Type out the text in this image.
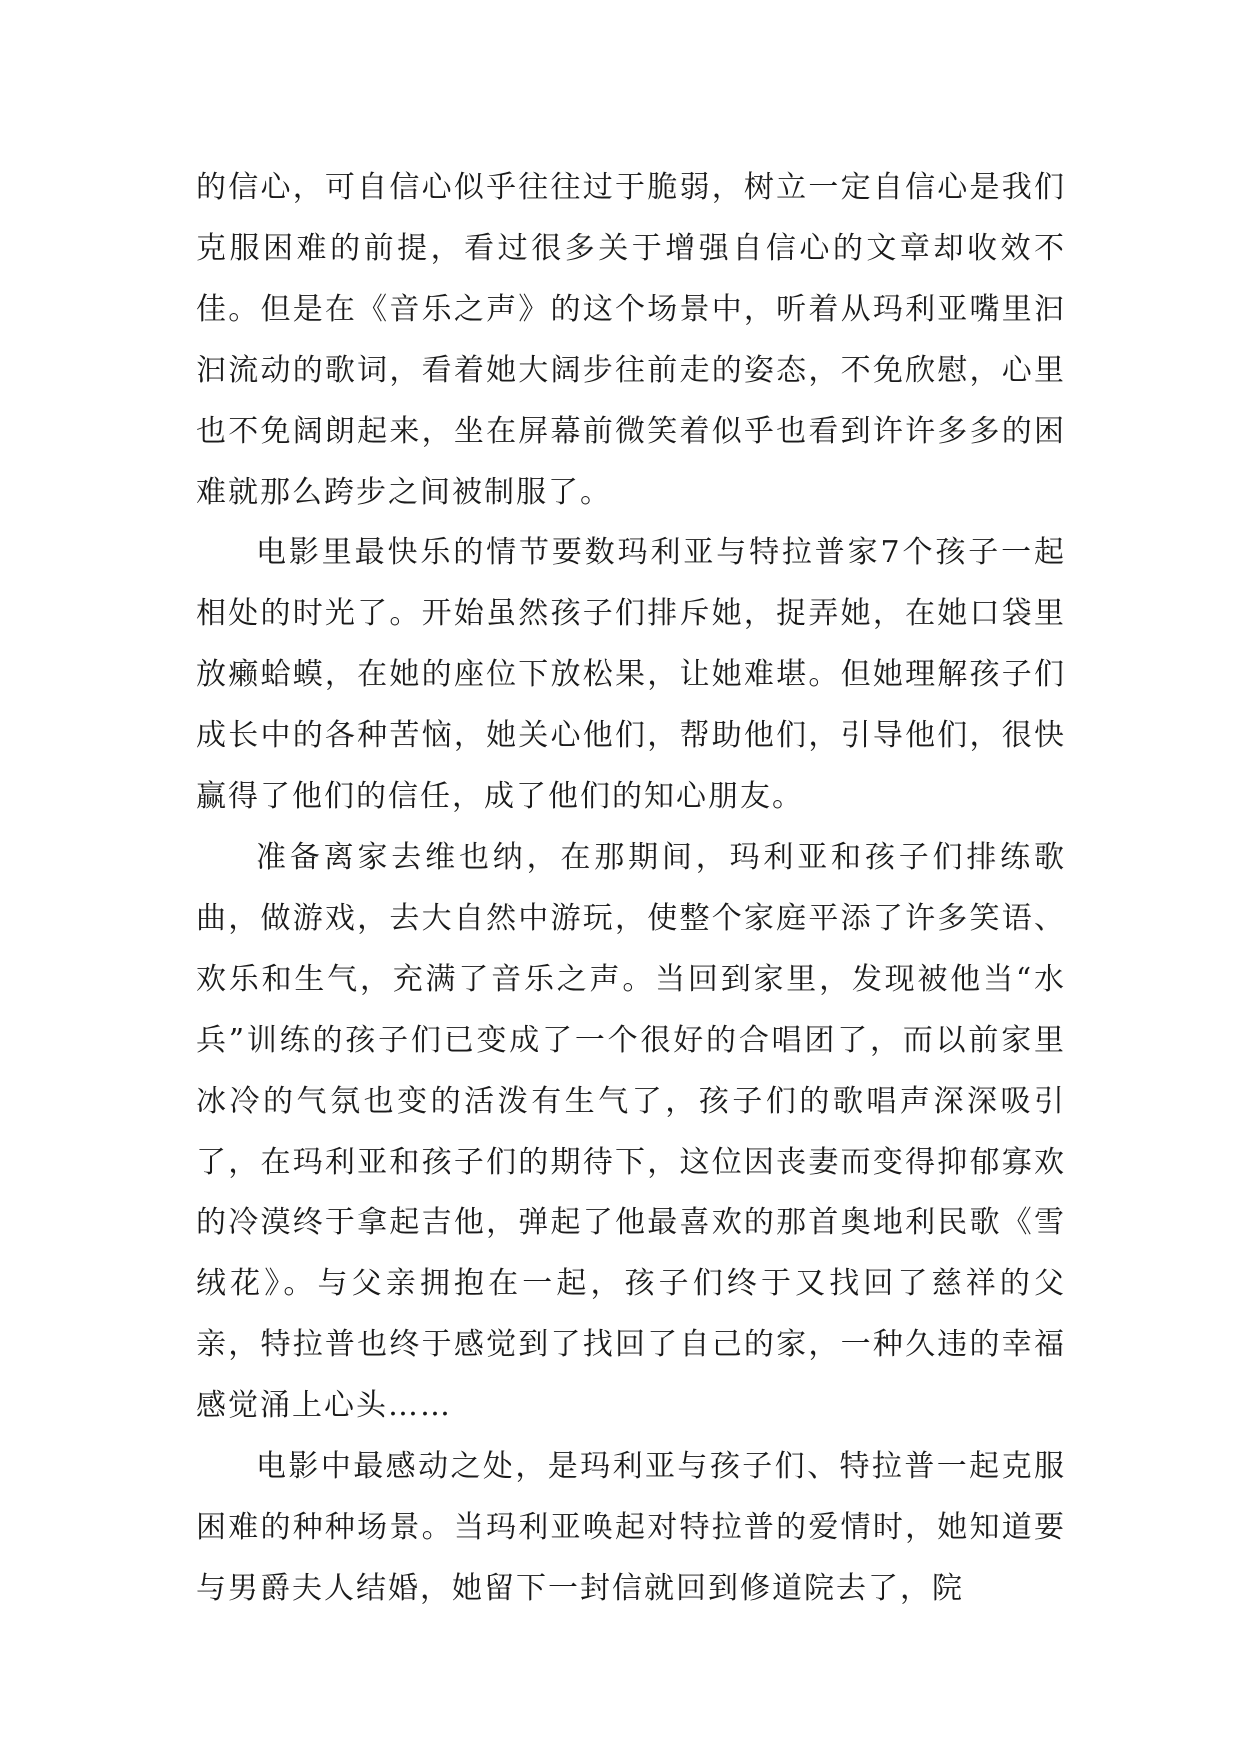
的信心，可自信心似乎往往过于脆弱，树立一定自信心是我们克服困难的前提，看过很多关于增强自信心的文章却收效不佳。但是在《音乐之声》的这个场景中，听着从玛利亚嘴里汩汩流动的歌词，看着她大阔步往前走的姿态，不免欣慰，心里也不免阔朗起来，坐在屏幕前微笑着似乎也看到许许多多的困难就那么跨步之间被制服了。

电影里最快乐的情节要数玛利亚与特拉普家7个孩子一起相处的时光了。开始虽然孩子们排斥她，捉弄她，在她口袋里放癞蛤蟆，在她的座位下放松果，让她难堪。但她理解孩子们成长中的各种苦恼，她关心他们，帮助他们，引导他们，很快赢得了他们的信任，成了他们的知心朋友。

准备离家去维也纳，在那期间，玛利亚和孩子们排练歌曲，做游戏，去大自然中游玩，使整个家庭平添了许多笑语、欢乐和生气，充满了音乐之声。当回到家里，发现被他当“水兵”训练的孩子们已变成了一个很好的合唱团了，而以前家里冰冷的气氛也变的活泼有生气了，孩子们的歌唱声深深吸引了，在玛利亚和孩子们的期待下，这位因丧妻而变得抑郁寡欢的冷漠终于拿起吉他，弹起了他最喜欢的那首奥地利民歌《雪绒花》。与父亲拥抱在一起，孩子们终于又找回了慈祥的父亲，特拉普也终于感觉到了找回了自己的家，一种久违的幸福感觉涌上心头……

电影中最感动之处，是玛利亚与孩子们、特拉普一起克服困难的种种场景。当玛利亚唤起对特拉普的爱情时，她知道要与男爵夫人结婚，她留下一封信就回到修道院去了，院
